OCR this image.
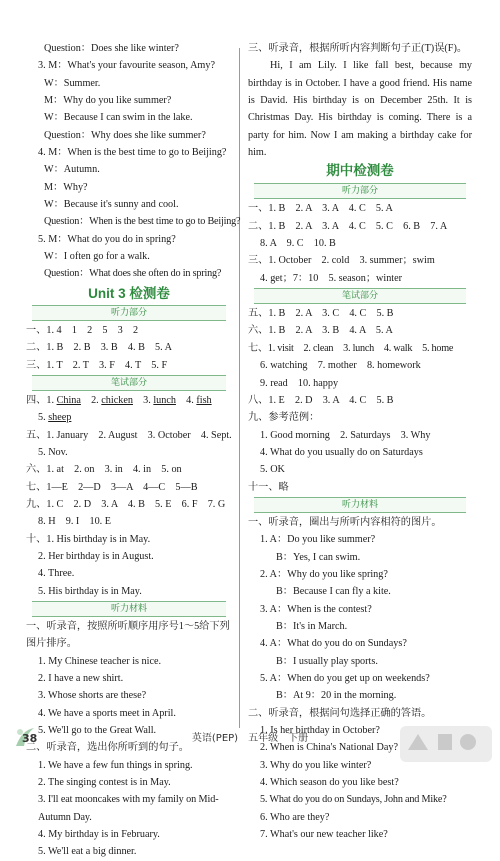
Question：Does she like winter?
3. M：What's your favourite season, Amy?
W：Summer.
M：Why do you like summer?
W：Because I can swim in the lake.
Question：Why does she like summer?
4. M：When is the best time to go to Beijing?
W：Autumn.
M：Why?
W：Because it's sunny and cool.
Question：When is the best time to go to Beijing?
5. M：What do you do in spring?
W：I often go for a walk.
Question：What does she often do in spring?
Unit 3 检测卷
听力部分
一、1. 4　1　2　5　3　2
二、1. B　2. B　3. B　4. B　5. A
三、1. T　2. T　3. F　4. T　5. F
笔试部分
四、1. China　2. chicken　3. lunch　4. fish
5. sheep
五、1. January　2. August　3. October　4. Sept.
5. Nov.
六、1. at　2. on　3. in　4. in　5. on
七、1—E　2—D　3—A　4—C　5—B
九、1. C　2. D　3. A　4. B　5. E　6. F　7. G
8. H　9. I　10. E
十、1. His birthday is in May.
2. Her birthday is in August.
4. Three.
5. His birthday is in May.
听力材料
一、听录音，按照所听顺序用序号1～5给下列图片排序。
1. My Chinese teacher is nice.
2. I have a new shirt.
3. Whose shorts are these?
4. We have a sports meet in April.
5. We'll go to the Great Wall.
二、听录音，选出你所听到的句子。
1. We have a few fun things in spring.
2. The singing contest is in May.
3. I'll eat mooncakes with my family on Mid-Autumn Day.
4. My birthday is in February.
5. We'll eat a big dinner.
三、听录音，根据所听内容判断句子正(T)误(F)。
Hi, I am Lily. I like fall best, because my birthday is in October. I have a good friend. His name is David. His birthday is on December 25th. It is Christmas Day. His birthday is coming. There is a party for him. Now I am making a birthday cake for him.
期中检测卷
听力部分
一、1. B　2. A　3. A　4. C　5. A
二、1. B　2. A　3. A　4. C　5. C　6. B　7. A
8. A　9. C　10. B
三、1. October　2. cold　3. summer；swim
4. get；7：10　5. season；winter
笔试部分
五、1. B　2. A　3. C　4. C　5. B
六、1. B　2. A　3. B　4. A　5. A
七、1. visit　2. clean　3. lunch　4. walk　5. home
6. watching　7. mother　8. homework
9. read　10. happy
八、1. E　2. D　3. A　4. C　5. B
九、参考范例：
1. Good morning　2. Saturdays　3. Why
4. What do you usually do on Saturdays
5. OK
十一、略
听力材料
一、听录音，圈出与所听内容相符的图片。
1. A：Do you like summer?
B：Yes, I can swim.
2. A：Why do you like spring?
B：Because I can fly a kite.
3. A：When is the contest?
B：It's in March.
4. A：What do you do on Sundays?
B：I usually play sports.
5. A：When do you get up on weekends?
B：At 9：20 in the morning.
二、听录音，根据问句选择正确的答语。
1. Is her birthday in October?
2. When is China's National Day?
3. Why do you like winter?
4. Which season do you like best?
5. What do you do on Sundays, John and Mike?
6. Who are they?
7. What's our new teacher like?
38	英语(PEP)　五年级　下册
